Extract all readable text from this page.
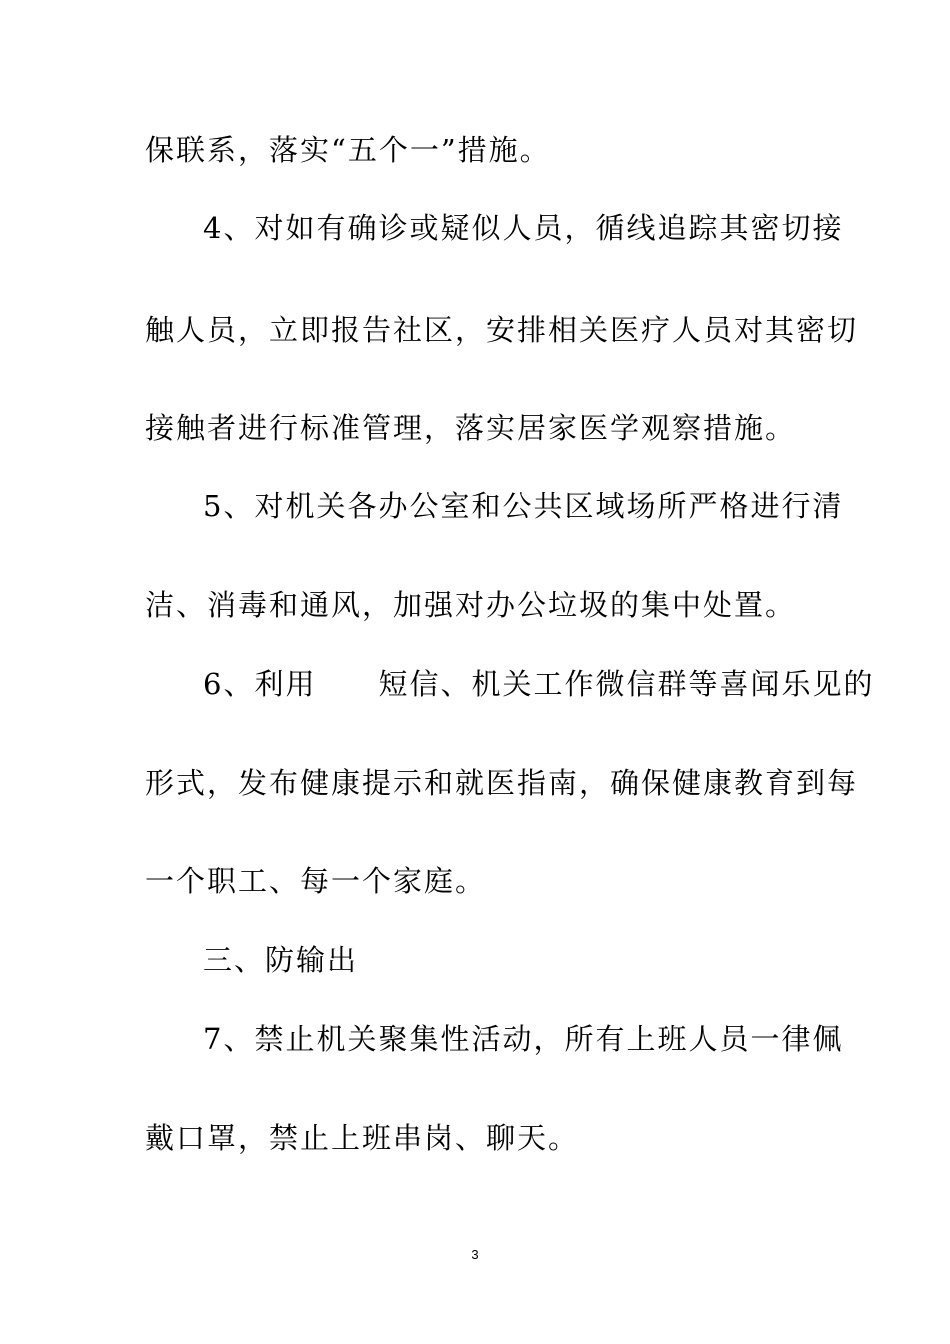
保联系，落实“五个一”措施。
4、对如有确诊或疑似人员，循线追踪其密切接
触人员，立即报告社区，安排相关医疗人员对其密切
接触者进行标准管理，落实居家医学观察措施。
5、对机关各办公室和公共区域场所严格进行清
洁、消毒和通风，加强对办公垃圾的集中处置。
6、利用　　短信、机关工作微信群等喜闻乐见的
形式，发布健康提示和就医指南，确保健康教育到每
一个职工、每一个家庭。
三、防输出
7、禁止机关聚集性活动，所有上班人员一律佩
戴口罩，禁止上班串岗、聊天。
3
